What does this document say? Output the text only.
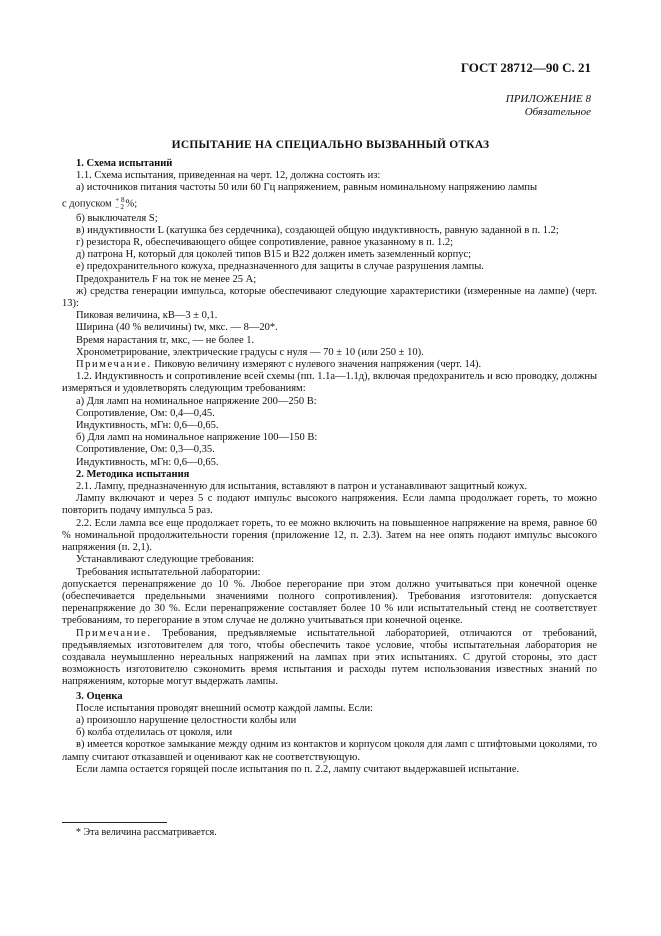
ГОСТ 28712—90 С. 21
ПРИЛОЖЕНИЕ 8
Обязательное
ИСПЫТАНИЕ НА СПЕЦИАЛЬНО ВЫЗВАННЫЙ ОТКАЗ

1. Схема испытаний

1.1. Схема испытания, приведенная на черт. 12, должна состоять из:

а) источников питания частоты 50 или 60 Гц напряжением, равным номинальному напряжению лампы

с допуском + 8
– 2%;

б) выключателя S;

в) индуктивности L (катушка без сердечника), создающей общую индуктивность, равную заданной в п. 1.2;

г) резистора R, обеспечивающего общее сопротивление, равное указанному в п. 1.2;

д) патрона H, который для цоколей типов B15 и B22 должен иметь заземленный корпус;

е) предохранительного кожуха, предназначенного для защиты в случае разрушения лампы.

Предохранитель F на ток не менее 25 А;

ж) средства генерации импульса, которые обеспечивают следующие характеристики (измеренные на лампе) (черт. 13):

Пиковая величина, кВ—3 ± 0,1.

Ширина (40 % величины) tw, мкс. — 8—20*.

Время нарастания tr, мкс, — не более 1.

Хронометрирование, электрические градусы с нуля — 70 ± 10 (или 250 ± 10).

Примечание. Пиковую величину измеряют с нулевого значения напряжения (черт. 14).

1.2. Индуктивность и сопротивление всей схемы (пп. 1.1а—1.1д), включая предохранитель и всю проводку, должны измеряться и удовлетворять следующим требованиям:

а) Для ламп на номинальное напряжение 200—250 В:

Сопротивление, Ом: 0,4—0,45.

Индуктивность, мГн: 0,6—0,65.

б) Для ламп на номинальное напряжение 100—150 В:

Сопротивление, Ом: 0,3—0,35.

Индуктивность, мГн: 0,6—0,65.

2. Методика испытания

2.1. Лампу, предназначенную для испытания, вставляют в патрон и устанавливают защитный кожух.

Лампу включают и через 5 с подают импульс высокого напряжения. Если лампа продолжает гореть, то можно повторить подачу импульса 5 раз.

2.2. Если лампа все еще продолжает гореть, то ее можно включить на повышенное напряжение на время, равное 60 % номинальной продолжительности горения (приложение 12, п. 2.3). Затем на нее опять подают импульс высокого напряжения (п. 2,1).

Устанавливают следующие требования:

Требования испытательной лаборатории:

допускается перенапряжение до 10 %. Любое перегорание при этом должно учитываться при конечной оценке (обеспечивается предельными значениями полного сопротивления). Требования изготовителя: допускается перенапряжение до 30 %. Если перенапряжение составляет более 10 % или испытательный стенд не соответствует требованиям, то перегорание в этом случае не должно учитываться при конечной оценке.

Примечание. Требования, предъявляемые испытательной лабораторией, отличаются от требований, предъявляемых изготовителем для того, чтобы обеспечить такое условие, чтобы испытательная лаборатория не создавала неумышленно нереальных напряжений на лампах при этих испытаниях. С другой стороны, это даст возможность изготовителю сэкономить время испытания и расходы путем использования известных знаний по напряжениям, которые могут выдержать лампы.

3. Оценка

После испытания проводят внешний осмотр каждой лампы. Если:

а) произошло нарушение целостности колбы или

б) колба отделилась от цоколя, или

в) имеется короткое замыкание между одним из контактов и корпусом цоколя для ламп с штифтовыми цоколями, то лампу считают отказавшей и оценивают как не соответствующую.

Если лампа остается горящей после испытания по п. 2.2, лампу считают выдержавшей испытание.

* Эта величина рассматривается.
